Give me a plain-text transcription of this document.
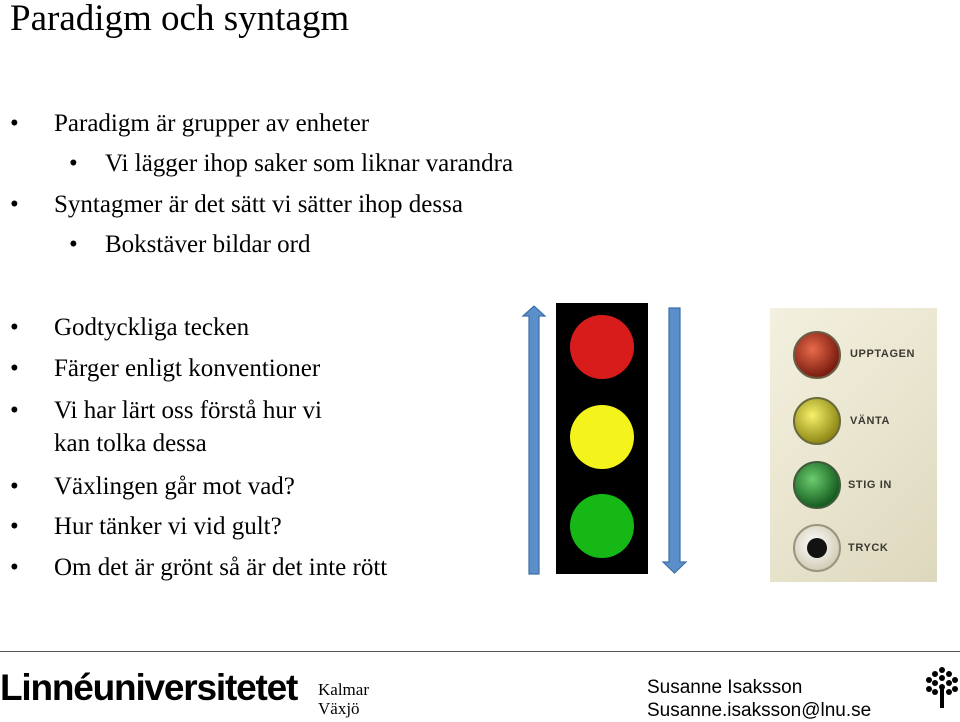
Paradigm och syntagm
• Paradigm är grupper av enheter
• Vi lägger ihop saker som liknar varandra
• Syntagmer är det sätt vi sätter ihop dessa
• Bokstäver bildar ord
• Godtyckliga tecken
• Färger enligt konventioner
• Vi har lärt oss förstå hur vi
kan tolka dessa
• Växlingen går mot vad?
• Hur tänker vi vid gult?
• Om det är grönt så är det inte rött
UPPTAGEN
VÄNTA
STIG IN
TRYCK
Linnéuniversitetet Kalmar
Växjö
Susanne Isaksson
Susanne.isaksson@lnu.se
